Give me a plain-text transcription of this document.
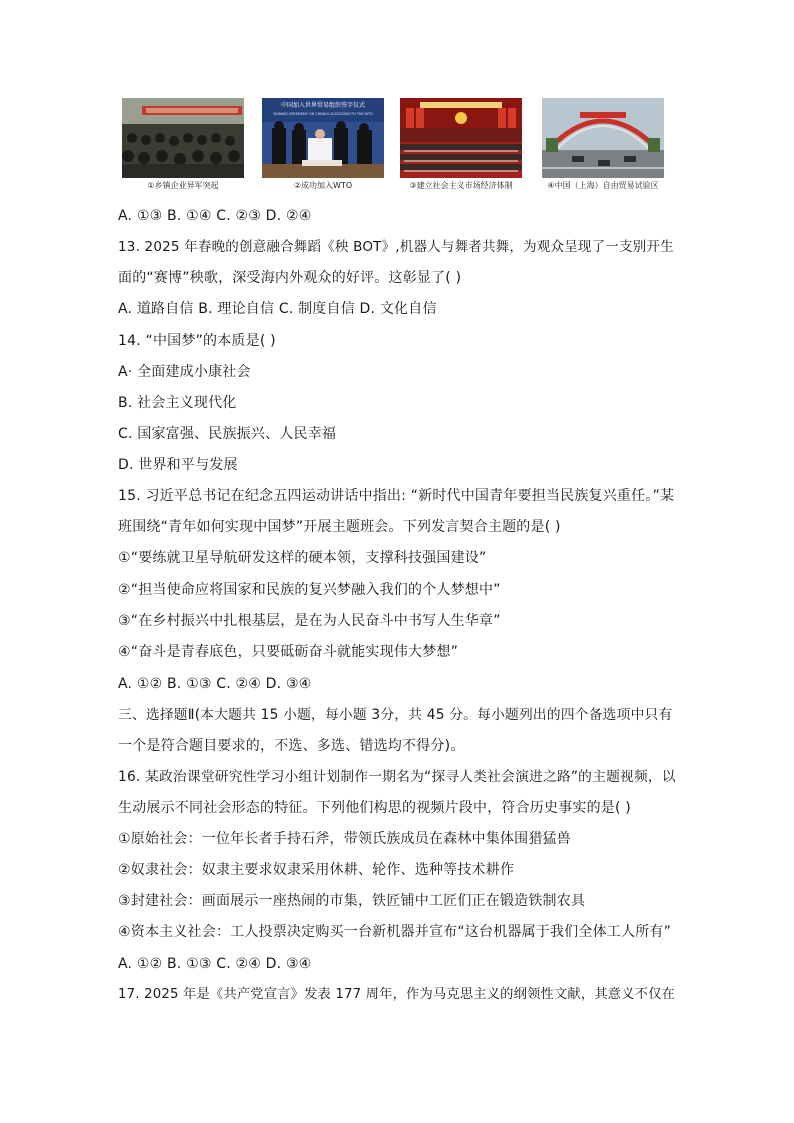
①乡镇企业异军突起
中国加入世界贸易组织签字仪式
SIGNING CEREMONY ON CHINA'S ACCESSION TO THE WTO
②成功加入WTO	③建立社会主义市场经济体制	④中国（上海）自由贸易试验区
A. ①③ B. ①④ C. ②③ D. ②④
13. 2025 年春晚的创意融合舞蹈《秧 BOT》,机器人与舞者共舞，为观众呈现了一支别开生
面的“赛博”秧歌，深受海内外观众的好评。这彰显了( )
A. 道路自信 B. 理论自信 C. 制度自信 D. 文化自信
14. “中国梦”的本质是( )
A· 全面建成小康社会
B. 社会主义现代化
C. 国家富强、民族振兴、人民幸福
D. 世界和平与发展
15. 习近平总书记在纪念五四运动讲话中指出: “新时代中国青年要担当民族复兴重任。”某
班围绕“青年如何实现中国梦”开展主题班会。下列发言契合主题的是( )
①“要练就卫星导航研发这样的硬本领，支撑科技强国建设”
②“担当使命应将国家和民族的复兴梦融入我们的个人梦想中”
③“在乡村振兴中扎根基层，是在为人民奋斗中书写人生华章”
④“奋斗是青春底色，只要砥砺奋斗就能实现伟大梦想”
A. ①② B. ①③ C. ②④ D. ③④
三、选择题Ⅱ(本大题共 15 小题，每小题 3分，共 45 分。每小题列出的四个备选项中只有
一个是符合题目要求的，不选、多选、错选均不得分)。
16. 某政治课堂研究性学习小组计划制作一期名为“探寻人类社会演进之路”的主题视频，以
生动展示不同社会形态的特征。下列他们构思的视频片段中，符合历史事实的是( )
①原始社会：一位年长者手持石斧，带领氏族成员在森林中集体围猎猛兽
②奴隶社会：奴隶主要求奴隶采用休耕、轮作、选种等技术耕作
③封建社会：画面展示一座热闹的市集，铁匠铺中工匠们正在锻造铁制农具
④资本主义社会：工人投票决定购买一台新机器并宣布“这台机器属于我们全体工人所有”
A. ①② B. ①③ C. ②④ D. ③④
17. 2025 年是《共产党宣言》发表 177 周年，作为马克思主义的纲领性文献，其意义不仅在
